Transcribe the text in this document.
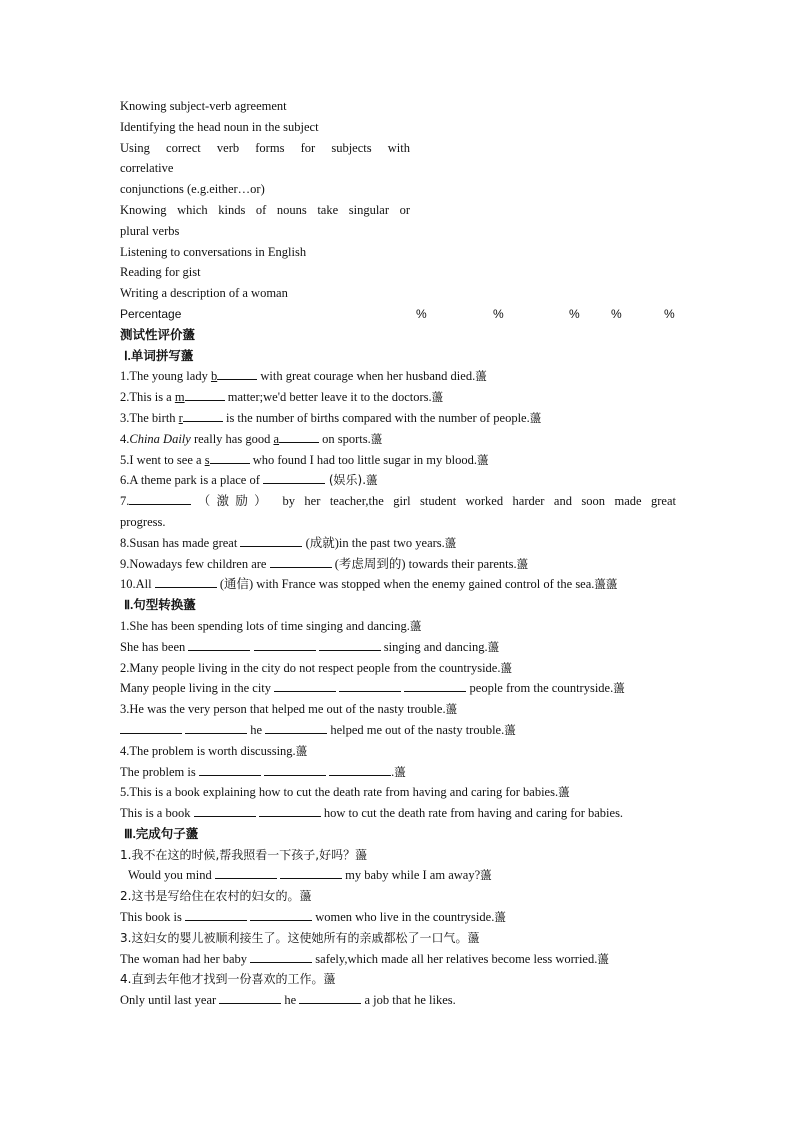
Knowing subject-verb agreement
Identifying the head noun in the subject
Using correct verb forms for subjects with
correlative
conjunctions (e.g.either…or)
Knowing which kinds of nouns take singular or
plural verbs
Listening to conversations in English
Reading for gist
Writing a description of a woman
Percentage	%	%	%	%	%
测试性评价蘯
Ⅰ.单词拼写蘯
1.The young lady b	with great courage when her husband died.蘯
2.This is a m	matter;we'd better leave it to the doctors.蘯
3.The birth r	is the number of births compared with the number of people.蘯
4.China Daily really has good a	on sports.蘯
5.I went to see a s	who found I had too little sugar in my blood.蘯
6.A theme park is a place of	(娱乐).蘯
7.	（激励） by her teacher,the girl student worked harder and soon made great
progress.
8.Susan has made great	(成就)in the past two years.蘯
9.Nowadays few children are	(考虑周到的) towards their parents.蘯
10.All	(通信) with France was stopped when the enemy gained control of the sea.蘯蘯
Ⅱ.句型转换蘯
1.She has been spending lots of time singing and dancing.蘯
She has been	singing and dancing.蘯
2.Many people living in the city do not respect people from the countryside.蘯
Many people living in the city	people from the countryside.蘯
3.He was the very person that helped me out of the nasty trouble.蘯
he	helped me out of the nasty trouble.蘯
4.The problem is worth discussing.蘯
The problem is	.蘯
5.This is a book explaining how to cut the death rate from having and caring for babies.蘯
This is a book	how to cut the death rate from having and caring for babies.
Ⅲ.完成句子蘯
1.我不在这的时候,帮我照看一下孩子,好吗？蘯
Would you mind	my baby while I am away?蘯
2.这书是写给住在农村的妇女的。蘯
This book is	women who live in the countryside.蘯
3.这妇女的婴儿被顺利接生了。这使她所有的亲戚都松了一口气。蘯
The woman had her baby	safely,which made all her relatives become less worried.蘯
4.直到去年他才找到一份喜欢的工作。蘯
Only until last year	he	a job that he likes.
